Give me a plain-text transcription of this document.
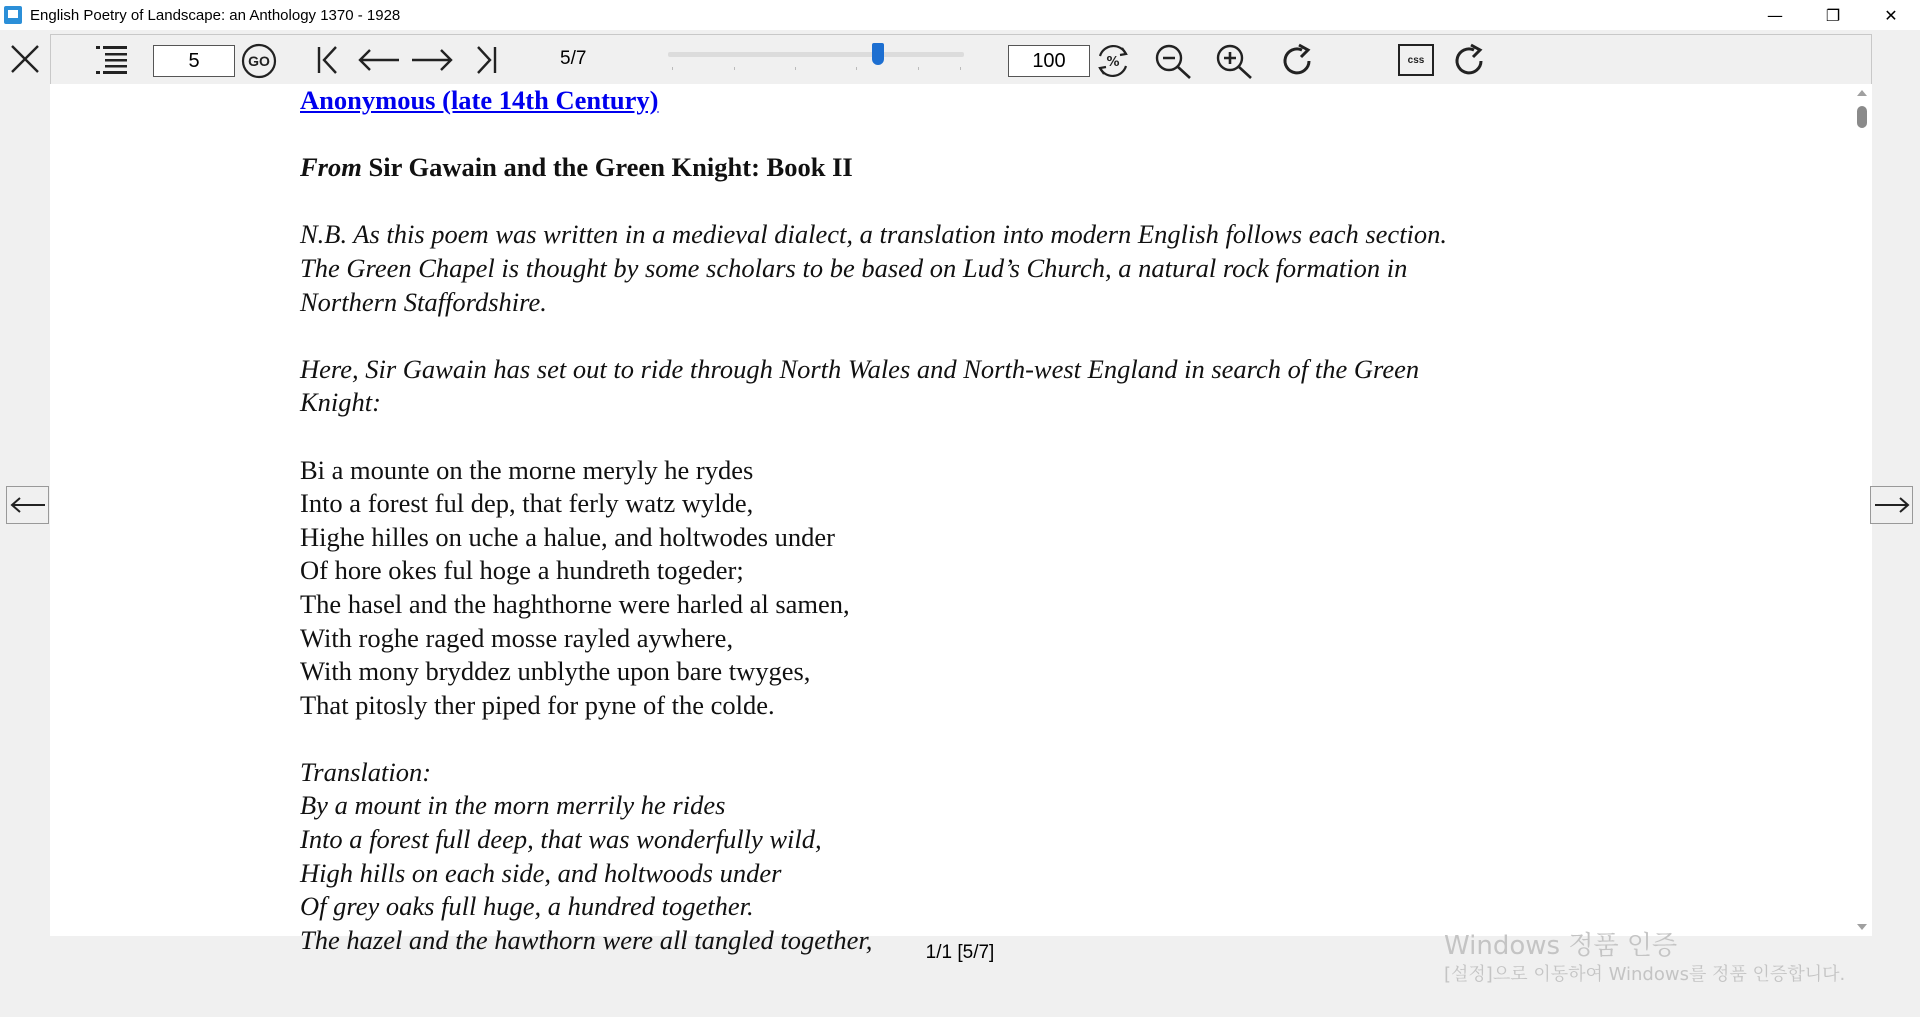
English Poetry of Landscape: an Anthology 1370 - 1928	—	❐	✕
5
GO	5/7
100	%	css

Anonymous (late 14th Century)

From Sir Gawain and the Green Knight: Book II

N.B. As this poem was written in a medieval dialect, a translation into modern English follows each section.

The Green Chapel is thought by some scholars to be based on Lud’s Church, a natural rock formation in

Northern Staffordshire.

Here, Sir Gawain has set out to ride through North Wales and North-west England in search of the Green

Knight:

Bi a mounte on the morne meryly he rydes

Into a forest ful dep, that ferly watz wylde,

Highe hilles on uche a halue, and holtwodes under

Of hore okes ful hoge a hundreth togeder;

The hasel and the haghthorne were harled al samen,

With roghe raged mosse rayled aywhere,

With mony bryddez unblythe upon bare twyges,

That pitosly ther piped for pyne of the colde.

Translation:

By a mount in the morn merrily he rides

Into a forest full deep, that was wonderfully wild,

High hills on each side, and holtwoods under

Of grey oaks full huge, a hundred together.

The hazel and the hawthorn were all tangled together,	1/1 [5/7]	Windows 정품 인증
[설정]으로 이동하여 Windows를 정품 인증합니다.
